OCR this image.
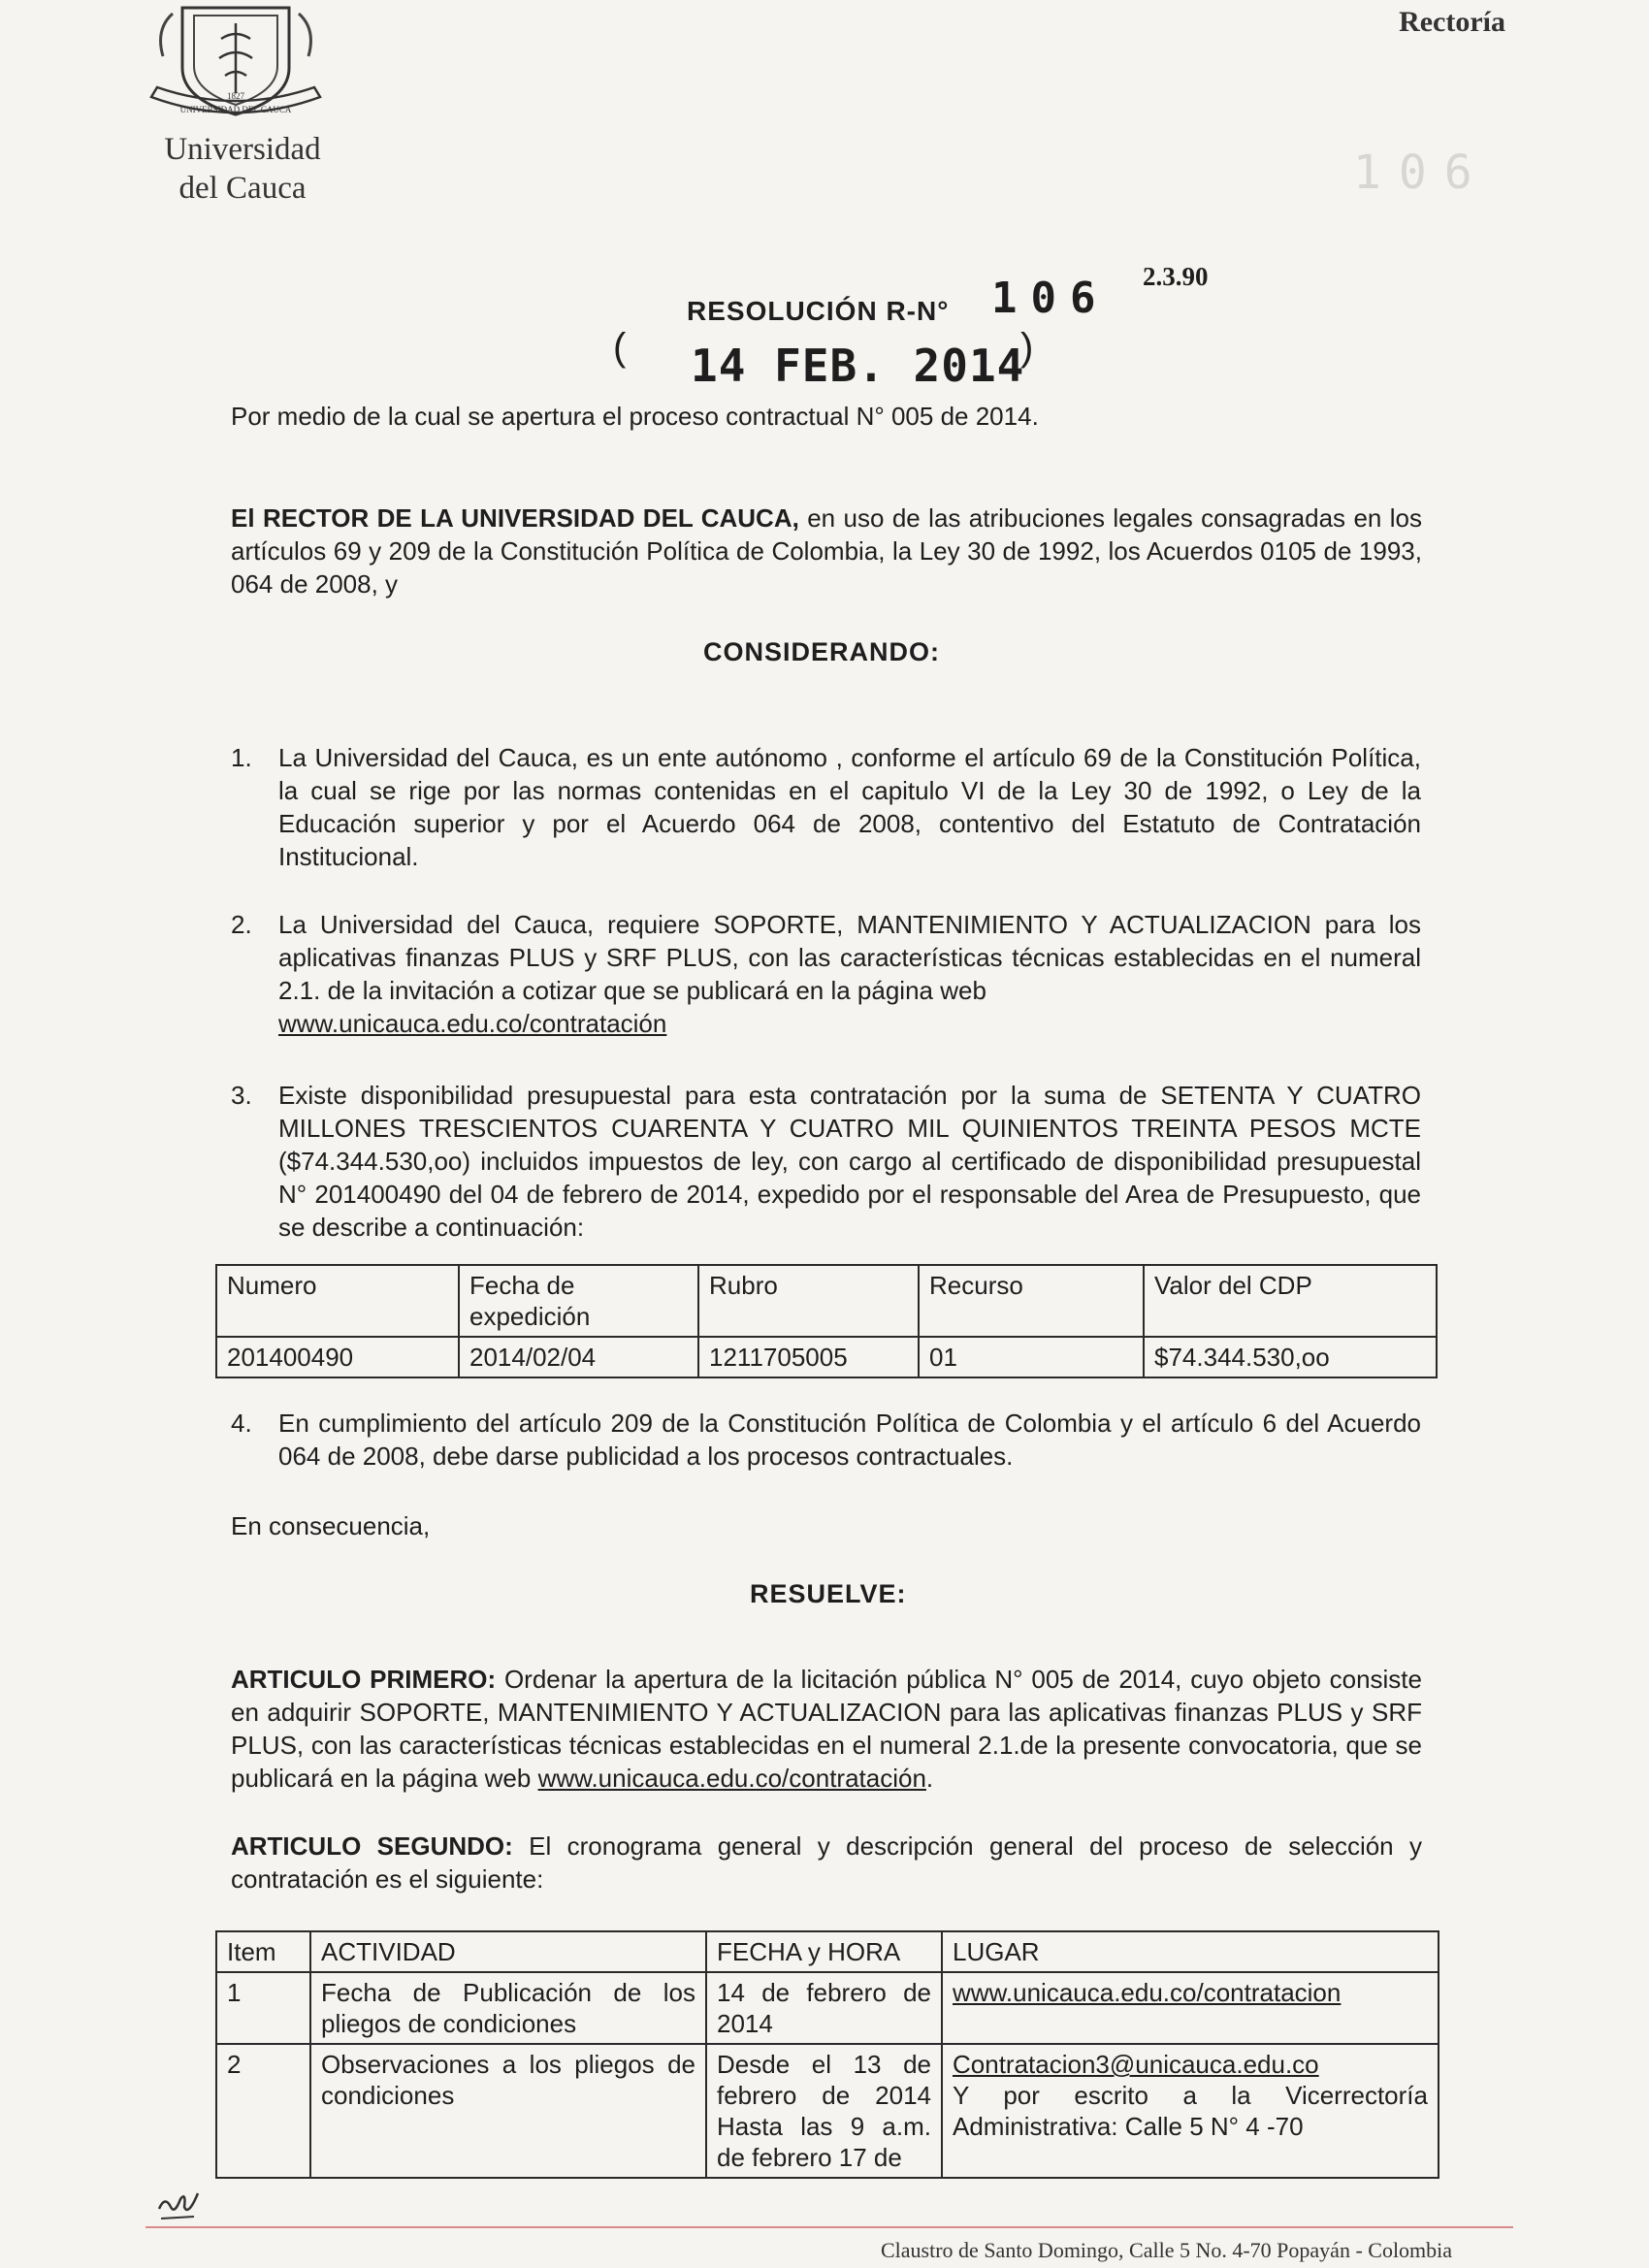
UNIVERSIDAD DEL CAUCA
1827
Universidad
del Cauca
Rectoría
106
RESOLUCIÓN R-N° 106 2.3.90
( 14 FEB. 2014
)
Por medio de la cual se apertura el proceso contractual N° 005 de 2014.
El RECTOR DE LA UNIVERSIDAD DEL CAUCA, en uso de las atribuciones legales consagradas en los artículos 69 y 209 de la Constitución Política de Colombia, la Ley 30 de 1992, los Acuerdos 0105 de 1993, 064 de 2008, y
CONSIDERANDO:
1. La Universidad del Cauca, es un ente autónomo , conforme el artículo 69 de la Constitución Política, la cual se rige por las normas contenidas en el capitulo VI de la Ley 30 de 1992, o Ley de la Educación superior y por el Acuerdo 064 de 2008, contentivo del Estatuto de Contratación Institucional.
2. La Universidad del Cauca, requiere SOPORTE, MANTENIMIENTO Y ACTUALIZACION para los aplicativas finanzas PLUS y SRF PLUS, con las características técnicas establecidas en el numeral 2.1. de la invitación a cotizar que se publicará en la página web
www.unicauca.edu.co/contratación
3. Existe disponibilidad presupuestal para esta contratación por la suma de SETENTA Y CUATRO MILLONES TRESCIENTOS CUARENTA Y CUATRO MIL QUINIENTOS TREINTA PESOS MCTE ($74.344.530,oo) incluidos impuestos de ley, con cargo al certificado de disponibilidad presupuestal N° 201400490 del 04 de febrero de 2014, expedido por el responsable del Area de Presupuesto, que se describe a continuación:
Numero	Fecha de expedición	Rubro	Recurso	Valor del CDP
201400490	2014/02/04	1211705005	01	$74.344.530,oo
4. En cumplimiento del artículo 209 de la Constitución Política de Colombia y el artículo 6 del Acuerdo 064 de 2008, debe darse publicidad a los procesos contractuales.
En consecuencia,
RESUELVE:
ARTICULO PRIMERO: Ordenar la apertura de la licitación pública N° 005 de 2014, cuyo objeto consiste en adquirir SOPORTE, MANTENIMIENTO Y ACTUALIZACION para las aplicativas finanzas PLUS y SRF PLUS, con las características técnicas establecidas en el numeral 2.1.de la presente convocatoria, que se publicará en la página web www.unicauca.edu.co/contratación.
ARTICULO SEGUNDO: El cronograma general y descripción general del proceso de selección y contratación es el siguiente:
Item	ACTIVIDAD	FECHA y HORA	LUGAR
1	Fecha de Publicación de los pliegos de condiciones	14 de febrero de 2014	www.unicauca.edu.co/contratacion

2	Observaciones a los pliegos de condiciones	Desde el 13 de febrero de 2014 Hasta las 9 a.m. de febrero 17 de	Contratacion3@unicauca.edu.co
Y por escrito a la Vicerrectoría Administrativa: Calle 5 N° 4 -70
Claustro de Santo Domingo, Calle 5 No. 4-70 Popayán - Colombia
